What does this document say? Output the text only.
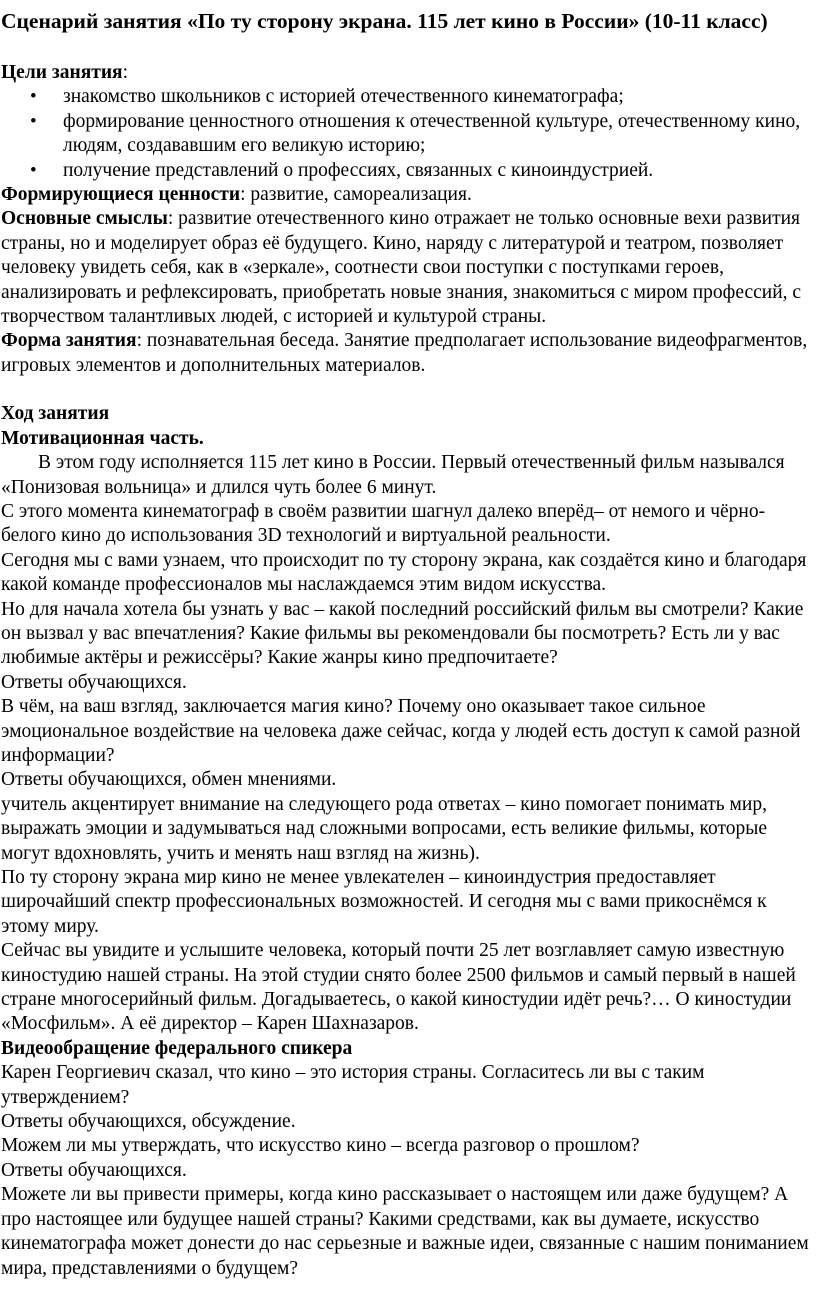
Сценарий занятия «По ту сторону экрана. 115 лет кино в России» (10-11 класс)

Цели занятия:

• знакомство школьников с историей отечественного кинематографа;
• формирование ценностного отношения к отечественной культуре, отечественному кино, людям, создававшим его великую историю;
• получение представлений о профессиях, связанных с киноиндустрией.

Формирующиеся ценности: развитие, самореализация.

Основные смыслы: развитие отечественного кино отражает не только основные вехи развития страны, но и моделирует образ её будущего. Кино, наряду с литературой и театром, позволяет человеку увидеть себя, как в «зеркале», соотнести свои поступки с поступками героев, анализировать и рефлексировать, приобретать новые знания, знакомиться с миром профессий, с творчеством талантливых людей, с историей и культурой страны.

Форма занятия: познавательная беседа. Занятие предполагает использование видеофрагментов, игровых элементов и дополнительных материалов.

Ход занятия

Мотивационная часть.

В этом году исполняется 115 лет кино в России. Первый отечественный фильм назывался «Понизовая вольница» и длился чуть более 6 минут.

С этого момента кинематограф в своём развитии шагнул далеко вперёд– от немого и чёрно-белого кино до использования 3D технологий и виртуальной реальности.

Сегодня мы с вами узнаем, что происходит по ту сторону экрана, как создаётся кино и благодаря какой команде профессионалов мы наслаждаемся этим видом искусства.

Но для начала хотела бы узнать у вас – какой последний российский фильм вы смотрели? Какие он вызвал у вас впечатления? Какие фильмы вы рекомендовали бы посмотреть? Есть ли у вас любимые актёры и режиссёры? Какие жанры кино предпочитаете?

Ответы обучающихся.

В чём, на ваш взгляд, заключается магия кино? Почему оно оказывает такое сильное эмоциональное воздействие на человека даже сейчас, когда у людей есть доступ к самой разной информации?

Ответы обучающихся, обмен мнениями.

учитель акцентирует внимание на следующего рода ответах – кино помогает понимать мир, выражать эмоции и задумываться над сложными вопросами, есть великие фильмы, которые могут вдохновлять, учить и менять наш взгляд на жизнь).

По ту сторону экрана мир кино не менее увлекателен – киноиндустрия предоставляет широчайший спектр профессиональных возможностей. И сегодня мы с вами прикоснёмся к этому миру.

Сейчас вы увидите и услышите человека, который почти 25 лет возглавляет самую известную киностудию нашей страны. На этой студии снято более 2500 фильмов и самый первый в нашей стране многосерийный фильм. Догадываетесь, о какой киностудии идёт речь?… О киностудии «Мосфильм». А её директор – Карен Шахназаров.

Видеообращение федерального спикера

Карен Георгиевич сказал, что кино – это история страны. Согласитесь ли вы с таким утверждением?

Ответы обучающихся, обсуждение.

Можем ли мы утверждать, что искусство кино – всегда разговор о прошлом?

Ответы обучающихся.

Можете ли вы привести примеры, когда кино рассказывает о настоящем или даже будущем? А про настоящее или будущее нашей страны? Какими средствами, как вы думаете, искусство кинематографа может донести до нас серьезные и важные идеи, связанные с нашим пониманием мира, представлениями о будущем?
